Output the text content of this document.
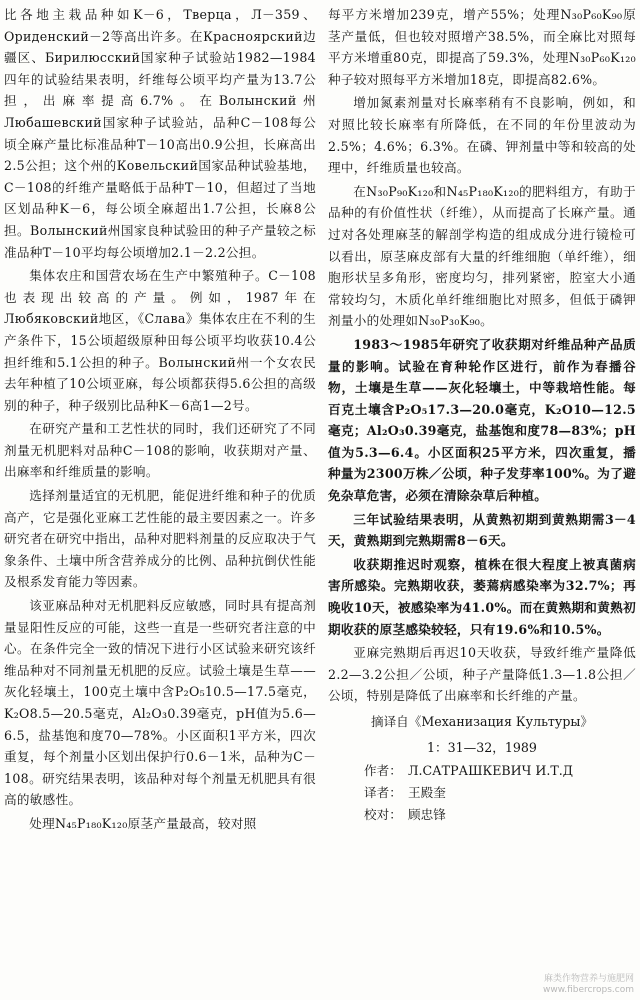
比各地主栽品种如K－6，Тверца，Л－359、Ориденский－2等高出许多。在Красноярский边疆区、Бирилюсский国家种子试验站1982—1984四年的试验结果表明，纤维每公顷平均产量为13.7公担，出麻率提高6.7%。在Волынский州Любашевский国家种子试验站，品种C－108每公顷全麻产量比标准品种T－10高出0.9公担，长麻高出2.5公担；这个州的Ковельский国家品种试验基地，C－108的纤维产量略低于品种T－10，但超过了当地区划品种K－6，每公顷全麻超出1.7公担，长麻8公担。Волынский州国家良种试验田的种子产量较之标准品种T－10平均每公顷增加2.1－2.2公担。

集体农庄和国营农场在生产中繁殖种子。C－108也表现出较高的产量。例如，1987年在Любяковский地区，《Слава》集体农庄在不利的生产条件下，15公顷超级原种田每公顷平均收获10.4公担纤维和5.1公担的种子。Волынский州一个女农民去年种植了10公顷亚麻，每公顷都获得5.6公担的高级别的种子，种子级别比品种K－6高1—2号。

在研究产量和工艺性状的同时，我们还研究了不同剂量无机肥料对品种C－108的影响，收获期对产量、出麻率和纤维质量的影响。

选择剂量适宜的无机肥，能促进纤维和种子的优质高产，它是强化亚麻工艺性能的最主要因素之一。许多研究者在研究中指出，品种对肥料剂量的反应取决于气象条件、土壤中所含营养成分的比例、品种抗倒伏性能及根系发育能力等因素。

该亚麻品种对无机肥料反应敏感，同时具有提高剂量显阳性反应的可能，这些一直是一些研究者注意的中心。在条件完全一致的情况下进行小区试验来研究该纤维品种对不同剂量无机肥的反应。试验土壤是生草——灰化轻壤土，100克土壤中含P₂O₅10.5—17.5毫克，K₂O8.5—20.5毫克，Al₂O₃0.39毫克，pH值为5.6—6.5，盐基饱和度70—78%。小区面积1平方米，四次重复，每个剂量小区划出保护行0.6－1米，品种为C－108。研究结果表明，该品种对每个剂量无机肥具有很高的敏感性。

处理N₄₅P₁₈₀K₁₂₀原茎产量最高，较对照

每平方米增加239克，增产55%；处理N₃₀P₆₀K₉₀原茎产量低，但也较对照增产38.5%，而全麻比对照每平方米增重80克，即提高了59.3%，处理N₃₀P₆₀K₁₂₀种子较对照每平方米增加18克，即提高82.6%。

增加氮素剂量对长麻率稍有不良影响，例如，和对照比较长麻率有所降低，在不同的年份里波动为2.5%；4.6%；6.3%。在磷、钾剂量中等和较高的处理中，纤维质量也较高。

在N₃₀P₉₀K₁₂₀和N₄₅P₁₈₀K₁₂₀的肥料组方，有助于品种的有价值性状（纤维），从而提高了长麻产量。通过对各处理麻茎的解剖学构造的组成成分进行镜检可以看出，原茎麻皮部有大量的纤维细胞（单纤维），细胞形状呈多角形，密度均匀，排列紧密，腔室大小通常较均匀，木质化单纤维细胞比对照多，但低于磷钾剂量小的处理如N₃₀P₃₀K₉₀。

1983～1985年研究了收获期对纤维品种产品质量的影响。试验在育种轮作区进行，前作为春播谷物，土壤是生草——灰化轻壤土，中等栽培性能。每百克土壤含P₂O₅17.3—20.0毫克，K₂O10—12.5毫克；Al₂O₃0.39毫克，盐基饱和度78—83%；pH值为5.3—6.4。小区面积25平方米，四次重复，播种量为2300万株／公顷，种子发芽率100%。为了避免杂草危害，必须在清除杂草后种植。

三年试验结果表明，从黄熟初期到黄熟期需3－4天，黄熟期到完熟期需8－6天。

收获期推迟时观察，植株在很大程度上被真菌病害所感染。完熟期收获，萎蔫病感染率为32.7%；再晚收10天，被感染率为41.0%。而在黄熟期和黄熟初期收获的原茎感染较轻，只有19.6%和10.5%。

亚麻完熟期后再迟10天收获，导致纤维产量降低2.2—3.2公担／公顷，种子产量降低1.3—1.8公担／公顷，特别是降低了出麻率和长纤维的产量。

摘译自《Механизация Культуры》
1：31—32，1989
作者： Л.САТРАШКЕВИЧ И.Т.Д
译者： 王殿奎
校对： 顾忠锋
麻类作物营养与施肥网
www.fibercrops.com
